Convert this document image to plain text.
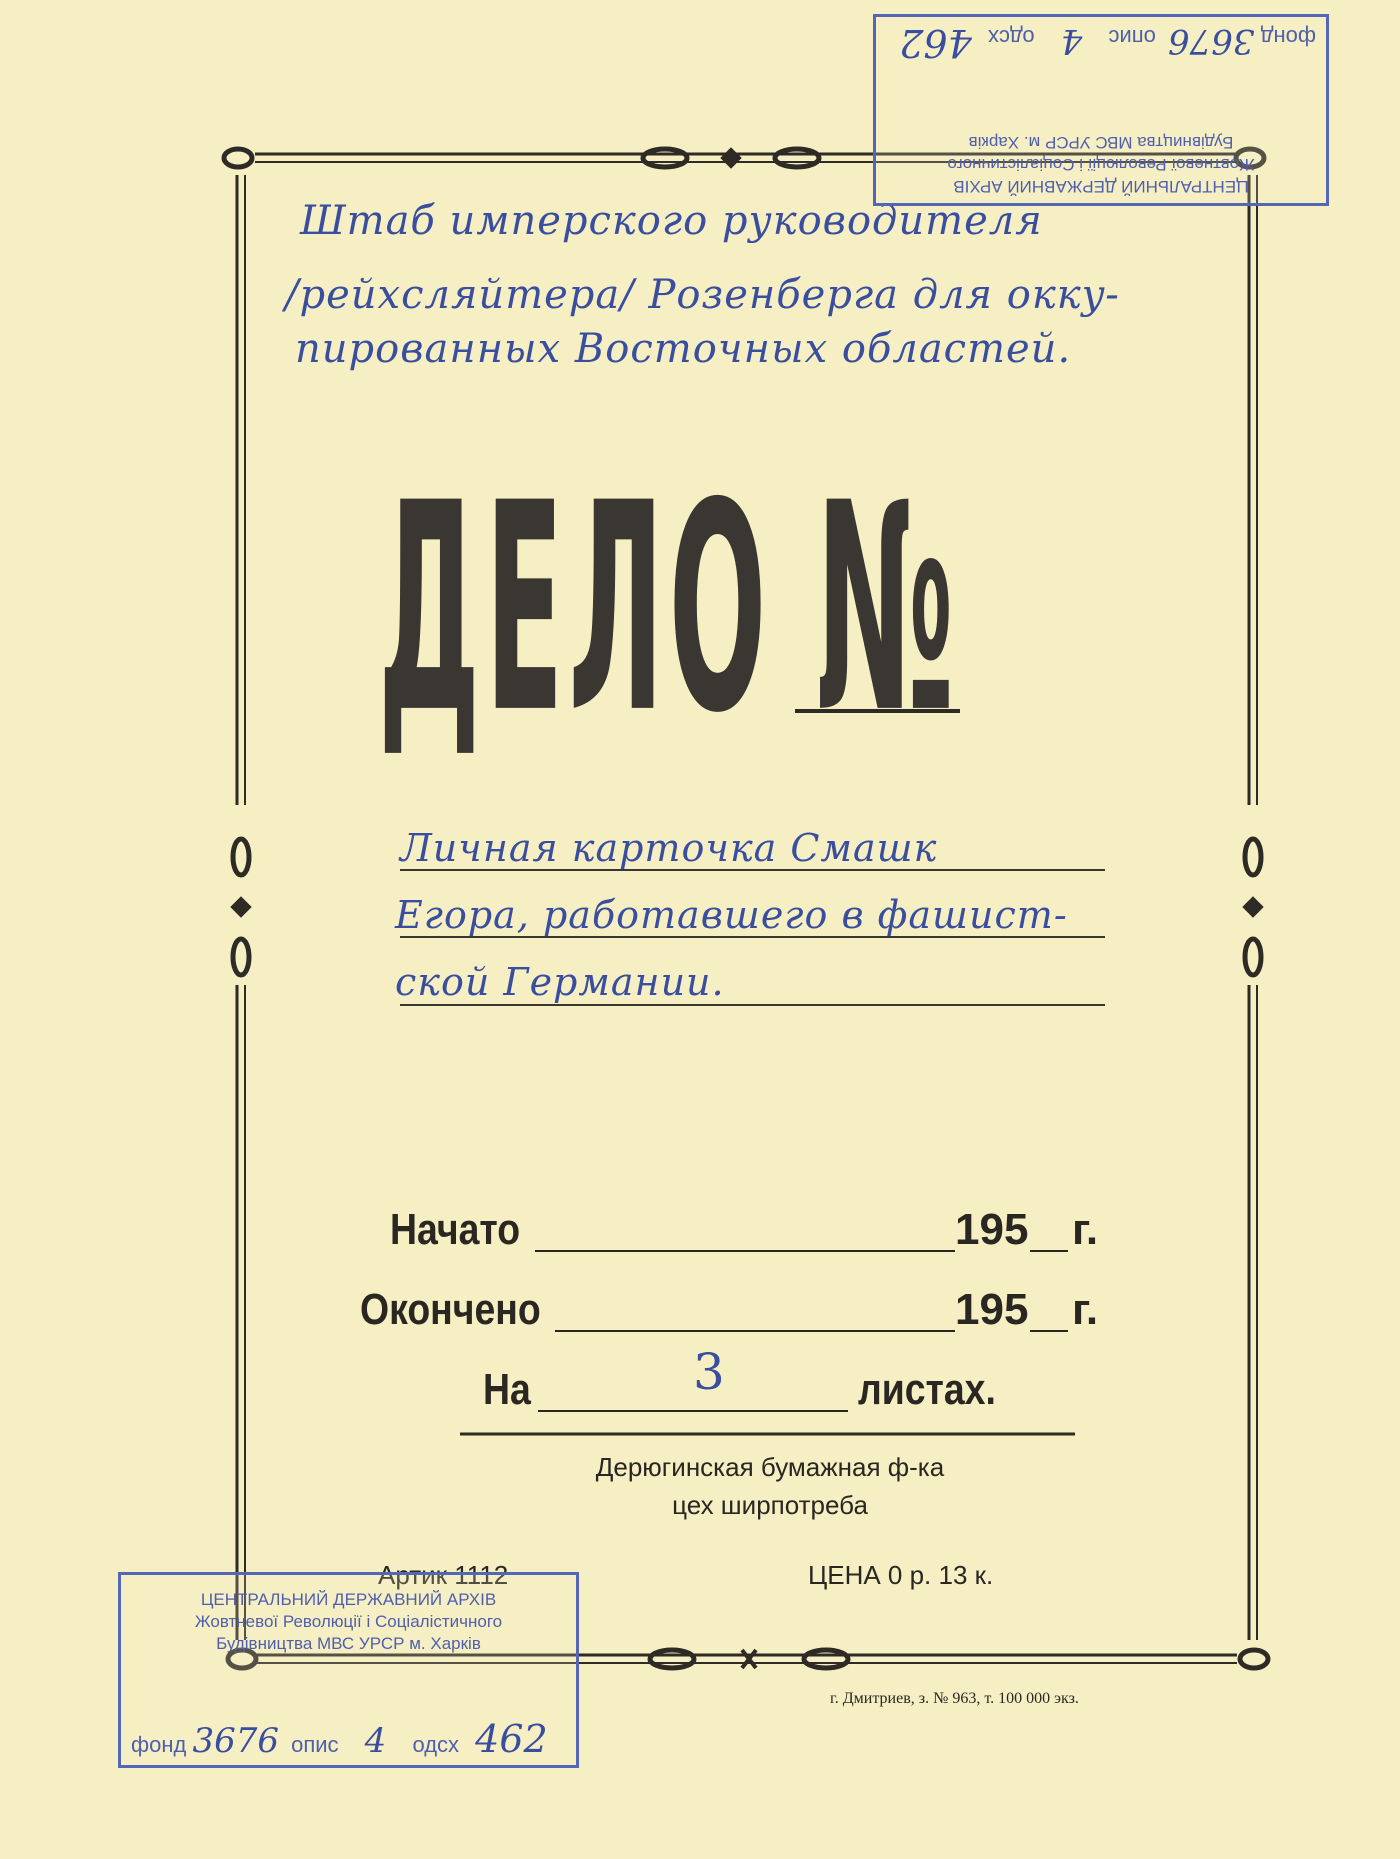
Штаб имперского руководителя
/рейхсляйтера/ Розенберга для оккy-
пированных Восточных областей.
ДЕЛО №
Личная карточка Смашк
Егора, работавшего в фашист-
ской Германии.
Начато	195 г.
Окончено	195 г.
На	3	листах.
Дерюгинская бумажная ф-ка
цех ширпотреба
Артик 1112	ЦЕНА 0 р. 13 к.
г. Дмитриев, з. № 963, т. 100 000 экз.
ЦЕНТРАЛЬНИЙ ДЕРЖАВНИЙ АРХІВ
Жовтневої Революції і Соціалістичного
Будівництва МВС УРСР м. Харків
фонд 3676 опис 4 одсх 462
ЦЕНТРАЛЬНИЙ ДЕРЖАВНИЙ АРХІВ
Жовтневої Революції і Соціалістичного
Будівництва МВС УРСР м. Харків
фонд 3676 опис 4 одсх 462
